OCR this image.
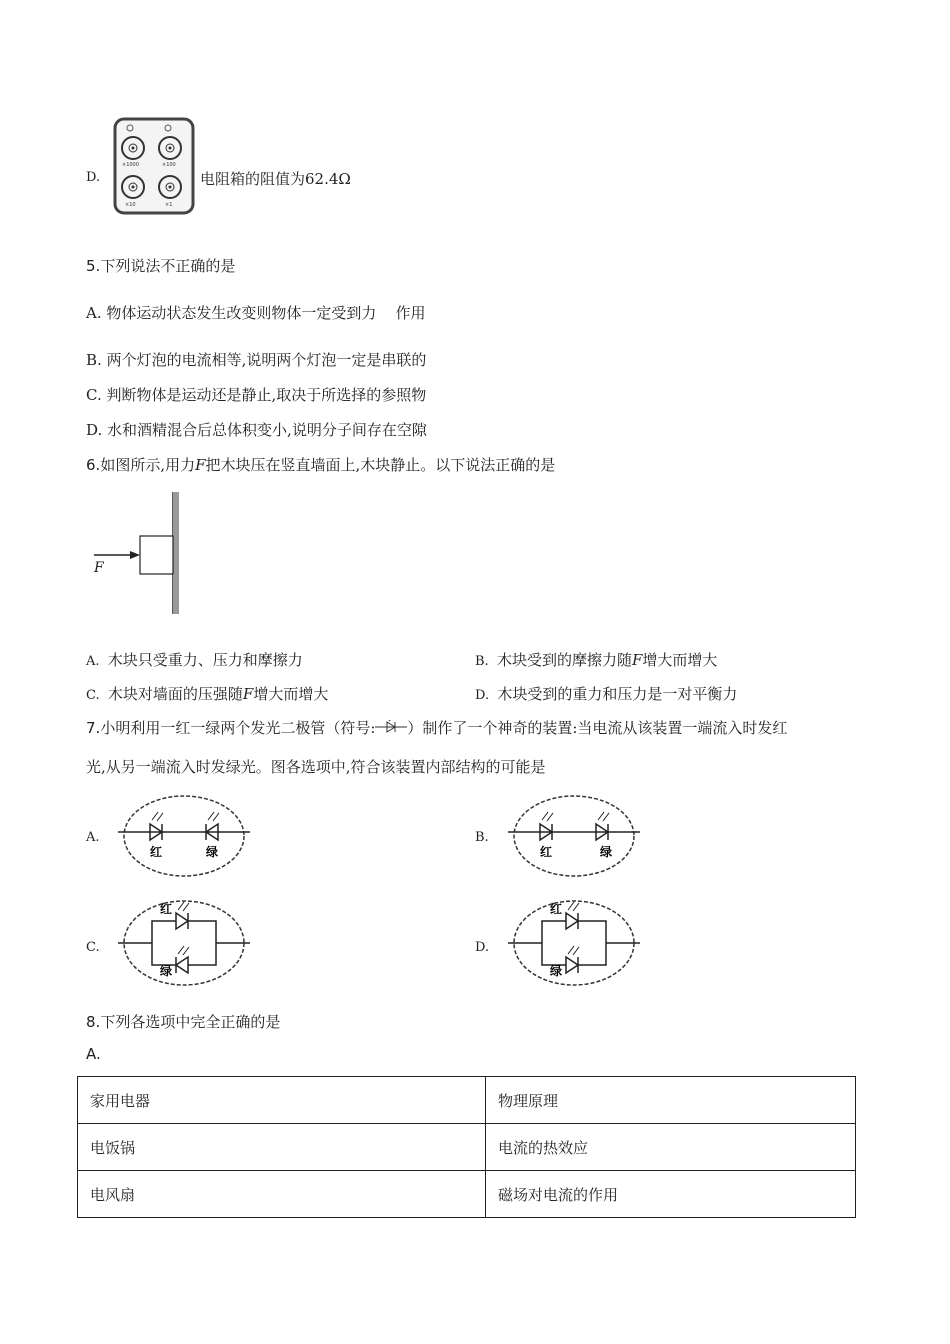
D.
×1000	×100
×10	×1
电阻箱的阻值为62.4Ω
5.下列说法不正确的是
A. 物体运动状态发生改变则物体一定受到力    作用
B. 两个灯泡的电流相等,说明两个灯泡一定是串联的
C. 判断物体是运动还是静止,取决于所选择的参照物
D. 水和酒精混合后总体积变小,说明分子间存在空隙
6.如图所示,用力F把木块压在竖直墙面上,木块静止。以下说法正确的是
F
A. 木块只受重力、压力和摩擦力	B. 木块受到的摩擦力随F增大而增大
C. 木块对墙面的压强随F增大而增大	D. 木块受到的重力和压力是一对平衡力
7.小明利用一红一绿两个发光二极管（符号: ）制作了一个神奇的装置:当电流从该装置一端流入时发红
光,从另一端流入时发绿光。图各选项中,符合该装置内部结构的可能是
A.	B.
C.	D.
红	绿	红	绿
红
绿
红
绿
8.下列各选项中完全正确的是
A.
家用电器	物理原理
电饭锅	电流的热效应
电风扇	磁场对电流的作用
